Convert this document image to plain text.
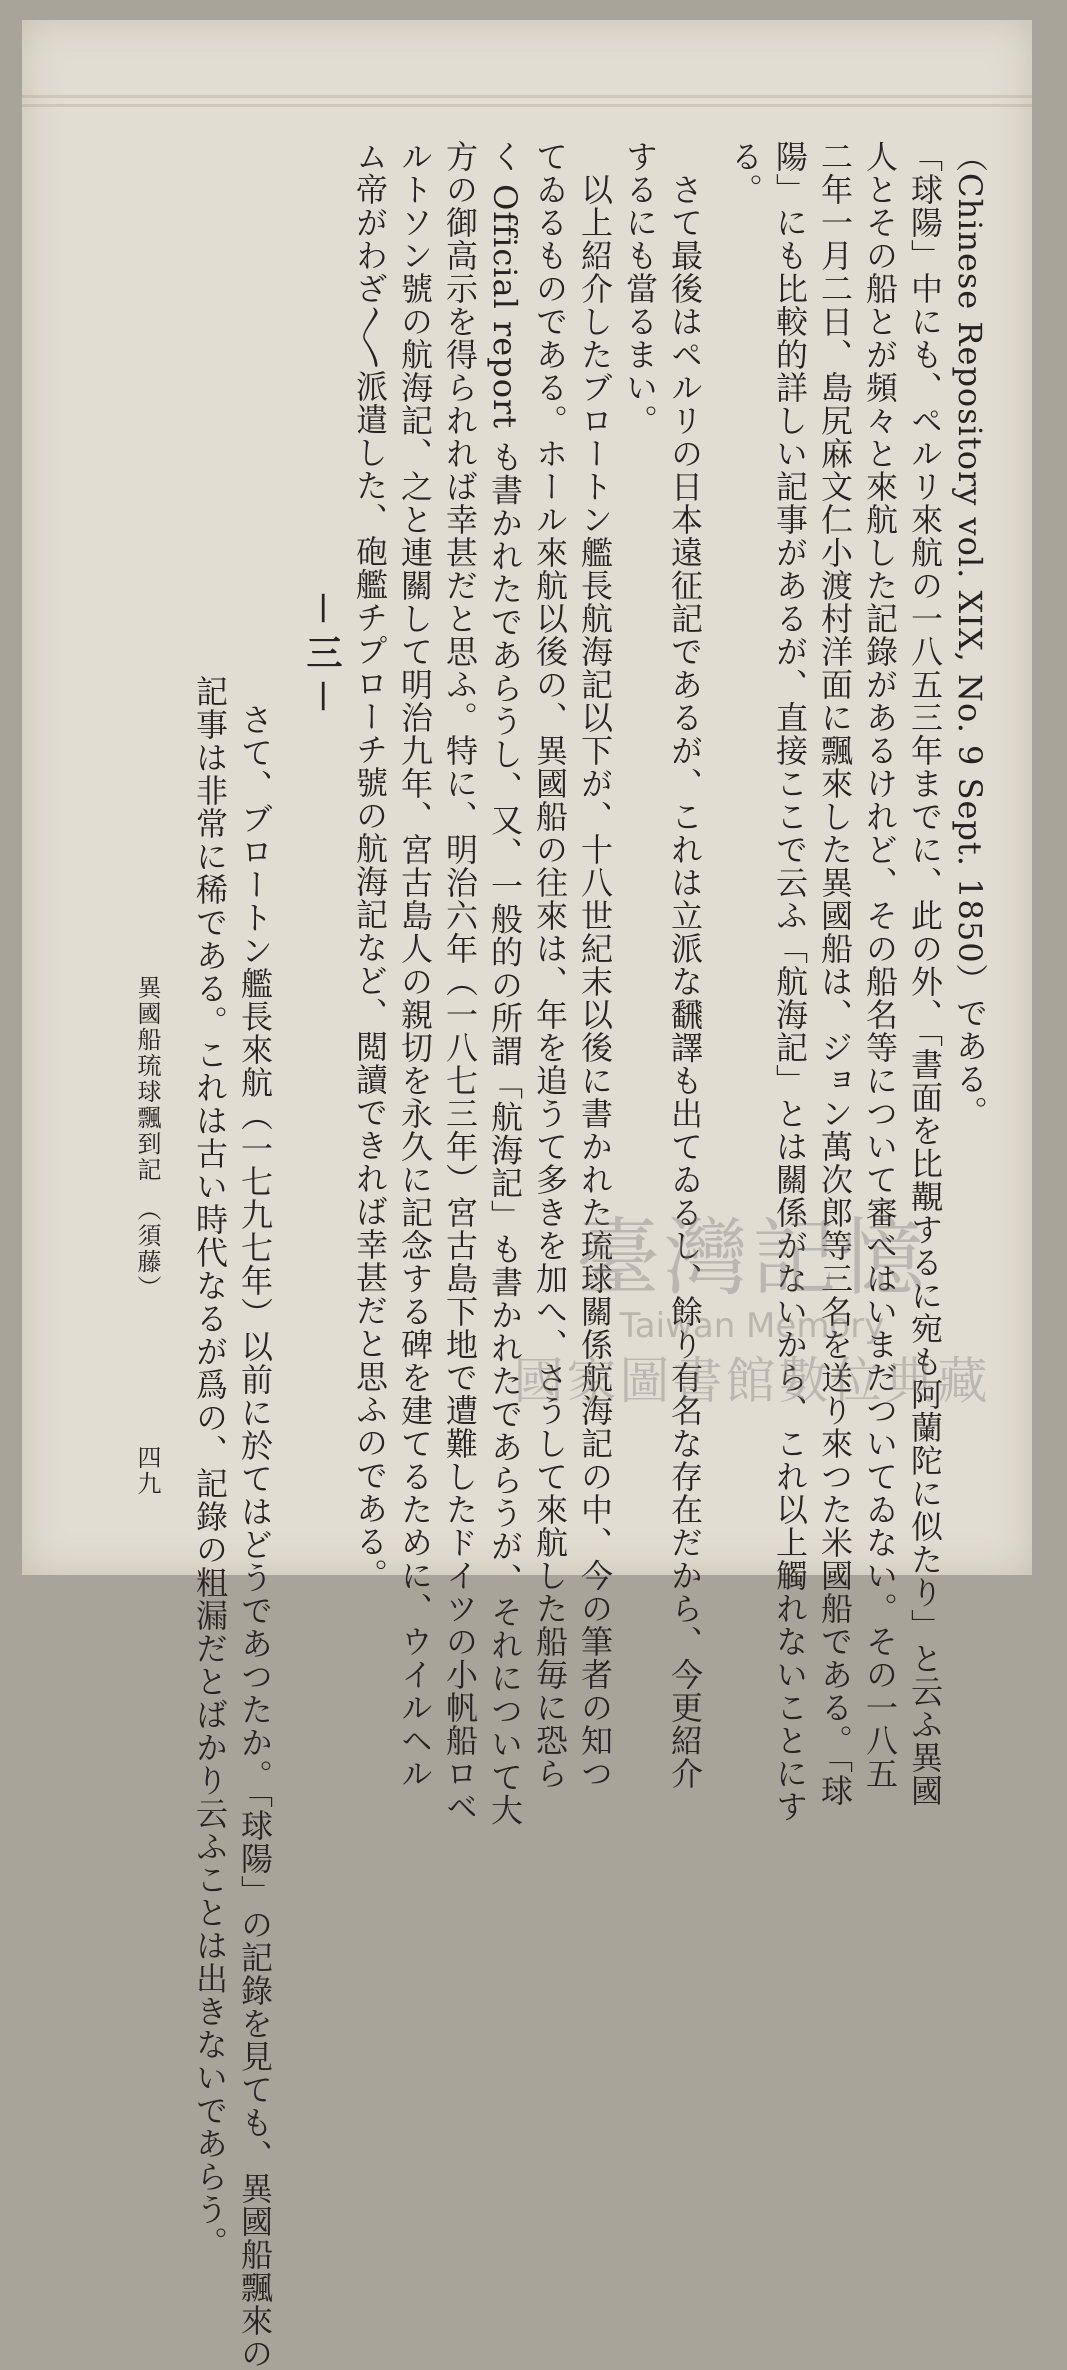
（Chinese Repository vol. XIX, No. 9 Sept. 1850）である。
「球陽」中にも、ペルリ來航の一八五三年までに、此の外、「書面を比覯するに宛も阿蘭陀に似たり」と云ふ異國
人とその船とが頻々と來航した記錄があるけれど、その船名等について審べはいまだついてゐない。その一八五
二年一月二日、島尻麻文仁小渡村洋面に飄來した異國船は、ジョン萬次郎等三名を送り來つた米國船である。「球
陽」にも比較的詳しい記事があるが、直接ここで云ふ「航海記」とは關係がないから、これ以上觸れないことにす
る。
　さて最後はペルリの日本遠征記であるが、これは立派な飜譯も出てゐるし、餘り有名な存在だから、今更紹介
するにも當るまい。
　以上紹介したブロートン艦長航海記以下が、十八世紀末以後に書かれた琉球關係航海記の中、今の筆者の知つ
てゐるものである。ホール來航以後の、異國船の往來は、年を追うて多きを加へ、さうして來航した船毎に恐ら
く Official report も書かれたであらうし、又、一般的の所謂「航海記」も書かれたであらうが、それについて大
方の御高示を得られれば幸甚だと思ふ。特に、明治六年（一八七三年）宮古島下地で遭難したドイツの小帆船ロベ
ルトソン號の航海記、之と連關して明治九年、宮古島人の親切を永久に記念する碑を建てるために、ウイルヘル
ム帝がわざ〳〵派遣した、砲艦チプローチ號の航海記など、閲讀できれば幸甚だと思ふのである。
－三－
　さて、ブロートン艦長來航（一七九七年）以前に於てはどうであつたか。「球陽」の記錄を見ても、異國船飄來の
記事は非常に稀である。これは古い時代なるが爲の、記錄の粗漏だとばかり云ふことは出きないであらう。
異國船琉球飄到記　（須藤）
四九
臺灣記憶
Taiwan Memory
國家圖書館數位典藏
